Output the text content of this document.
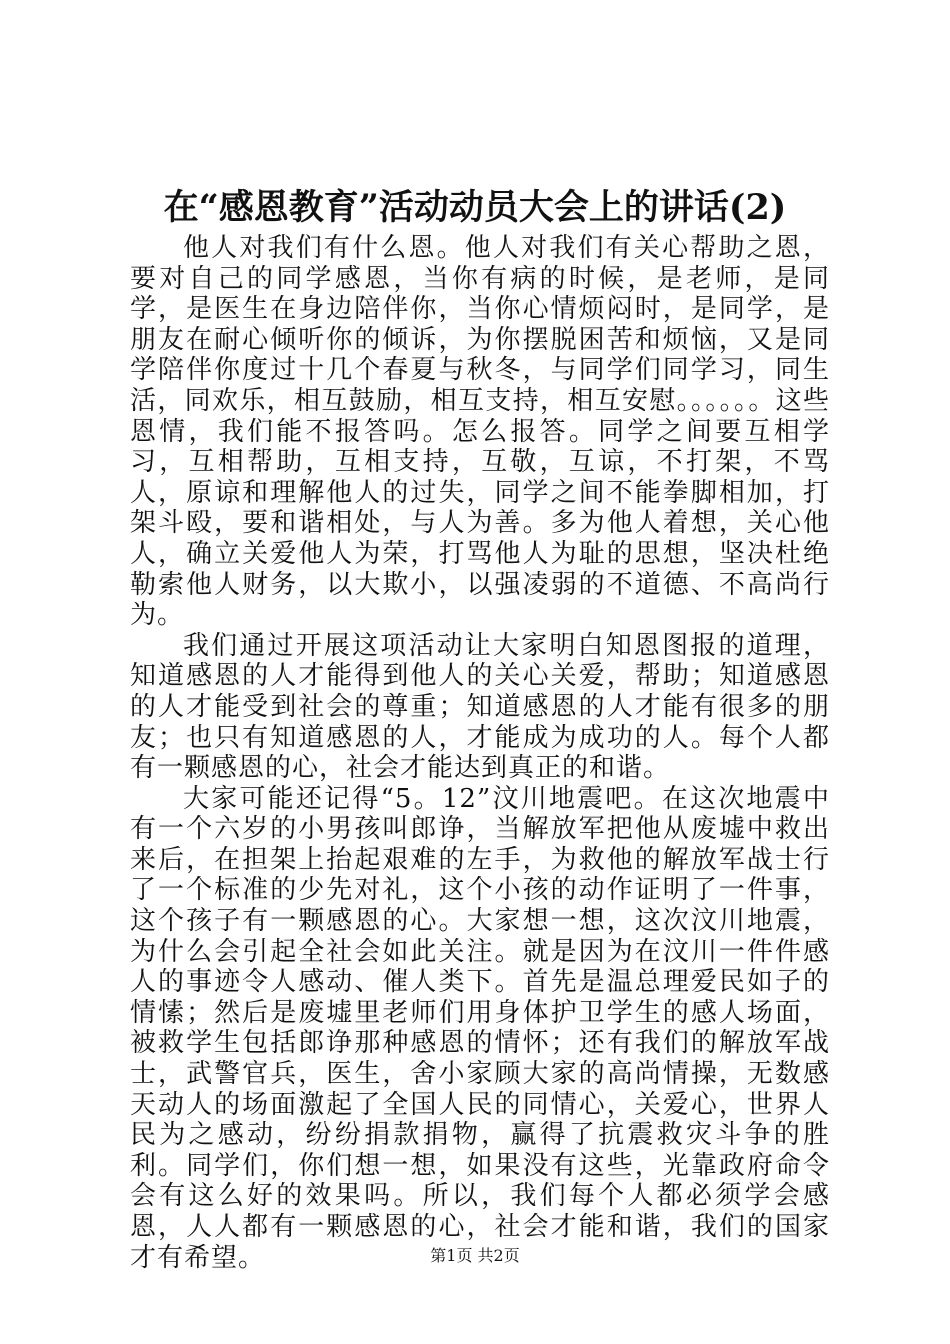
在“感恩教育”活动动员大会上的讲话(2)

他人对我们有什么恩。他人对我们有关心帮助之恩，要对自己的同学感恩，当你有病的时候，是老师，是同学，是医生在身边陪伴你，当你心情烦闷时，是同学，是朋友在耐心倾听你的倾诉，为你摆脱困苦和烦恼，又是同学陪伴你度过十几个春夏与秋冬，与同学们同学习，同生活，同欢乐，相互鼓励，相互支持，相互安慰。。。。。。这些恩情，我们能不报答吗。怎么报答。同学之间要互相学习，互相帮助，互相支持，互敬，互谅，不打架，不骂人，原谅和理解他人的过失，同学之间不能拳脚相加，打架斗殴，要和谐相处，与人为善。多为他人着想，关心他人，确立关爱他人为荣，打骂他人为耻的思想，坚决杜绝勒索他人财务，以大欺小，以强凌弱的不道德、不高尚行为。

我们通过开展这项活动让大家明白知恩图报的道理，知道感恩的人才能得到他人的关心关爱，帮助；知道感恩的人才能受到社会的尊重；知道感恩的人才能有很多的朋友；也只有知道感恩的人，才能成为成功的人。每个人都有一颗感恩的心，社会才能达到真正的和谐。

大家可能还记得“5。12”汶川地震吧。在这次地震中有一个六岁的小男孩叫郎诤，当解放军把他从废墟中救出来后，在担架上抬起艰难的左手，为救他的解放军战士行了一个标准的少先对礼，这个小孩的动作证明了一件事，这个孩子有一颗感恩的心。大家想一想，这次汶川地震，为什么会引起全社会如此关注。就是因为在汶川一件件感人的事迹令人感动、催人类下。首先是温总理爱民如子的情愫；然后是废墟里老师们用身体护卫学生的感人场面，被救学生包括郎诤那种感恩的情怀；还有我们的解放军战士，武警官兵，医生，舍小家顾大家的高尚情操，无数感天动人的场面激起了全国人民的同情心，关爱心，世界人民为之感动，纷纷捐款捐物，赢得了抗震救灾斗争的胜利。同学们，你们想一想，如果没有这些，光靠政府命令会有这么好的效果吗。所以，我们每个人都必须学会感恩，人人都有一颗感恩的心，社会才能和谐，我们的国家才有希望。	第1页 共2页
